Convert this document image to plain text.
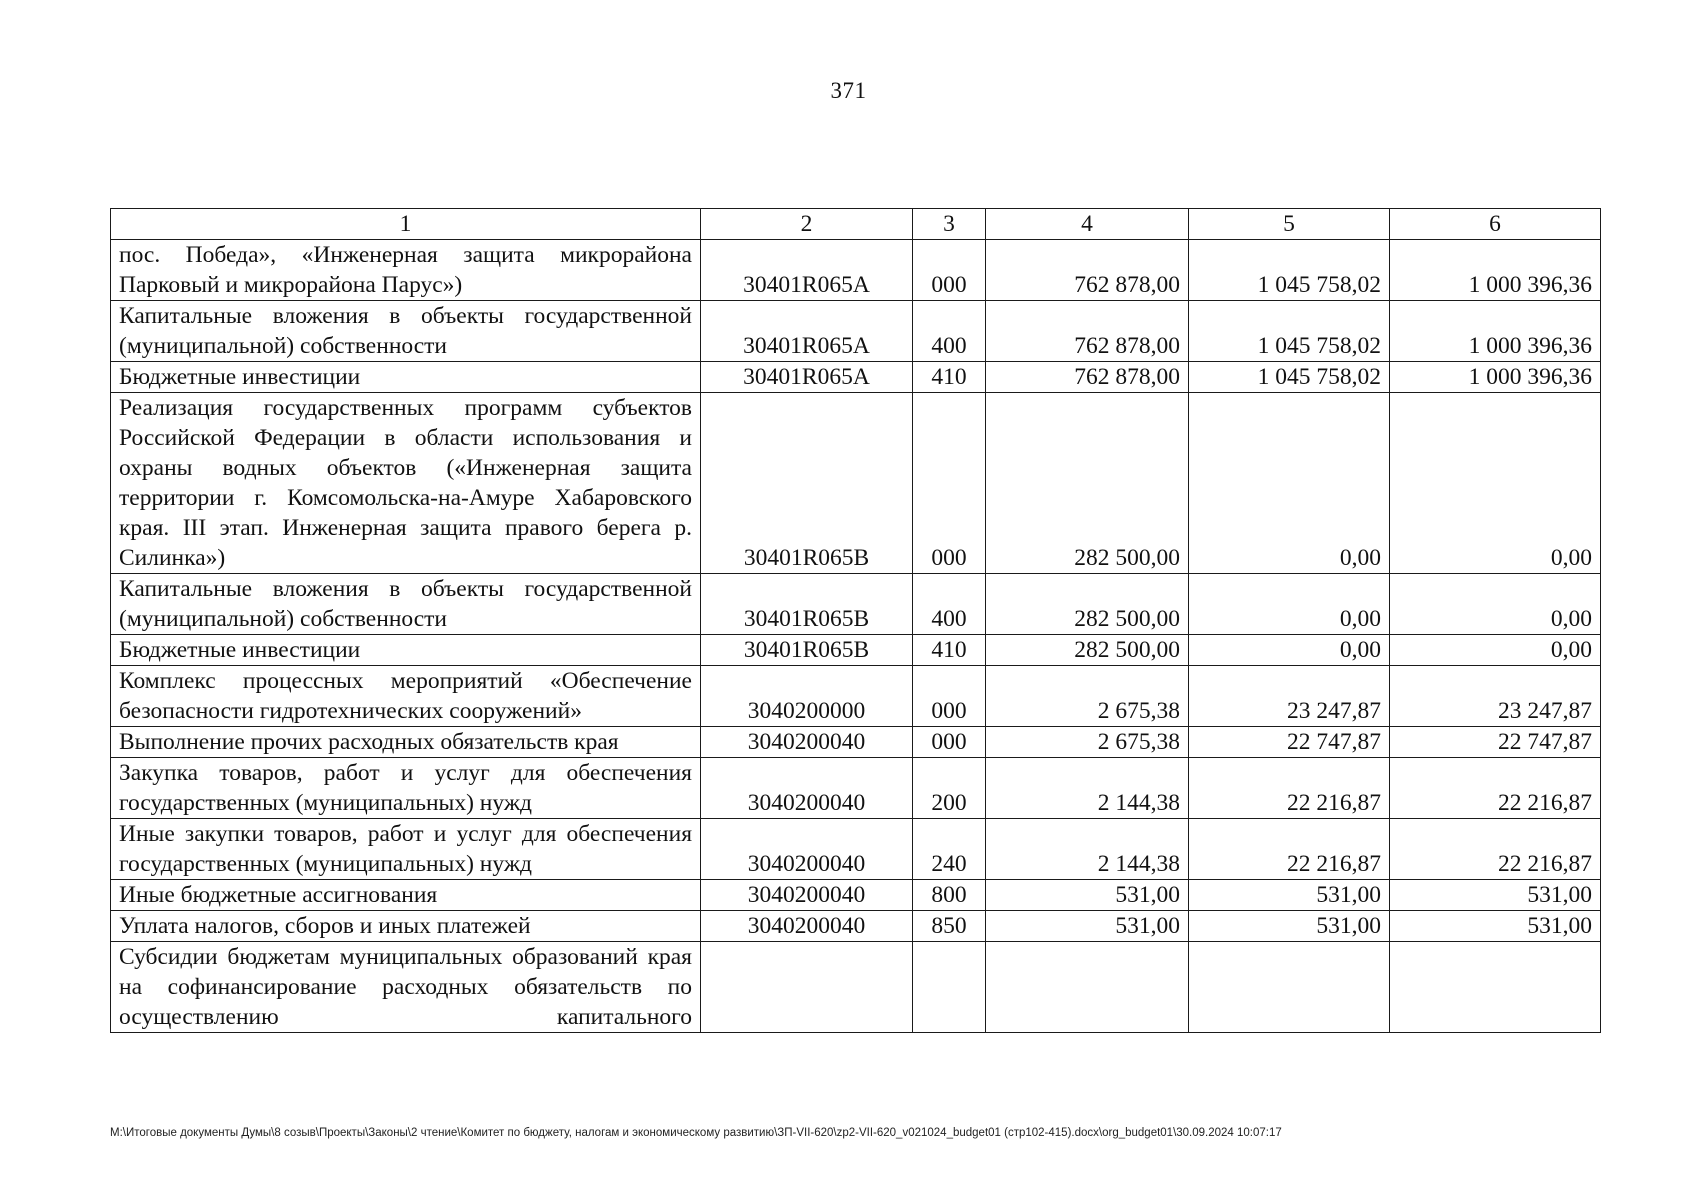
371
1	2	3	4	5	6
пос. Победа», «Инженерная защита микрорайона Парковый и микрорайона Парус»)	30401R065A	000	762 878,00	1 045 758,02	1 000 396,36
Капитальные вложения в объекты государственной (муниципальной) собственности	30401R065A	400	762 878,00	1 045 758,02	1 000 396,36
Бюджетные инвестиции	30401R065A	410	762 878,00	1 045 758,02	1 000 396,36
Реализация государственных программ субъектов Российской Федерации в области использования и охраны водных объектов («Инженерная защита территории г. Комсомольска-на-Амуре Хабаровского края. III этап. Инженерная защита правого берега р. Силинка»)	30401R065B	000	282 500,00	0,00	0,00
Капитальные вложения в объекты государственной (муниципальной) собственности	30401R065B	400	282 500,00	0,00	0,00
Бюджетные инвестиции	30401R065B	410	282 500,00	0,00	0,00
Комплекс процессных мероприятий «Обеспечение безопасности гидротехнических сооружений»	3040200000	000	2 675,38	23 247,87	23 247,87
Выполнение прочих расходных обязательств края	3040200040	000	2 675,38	22 747,87	22 747,87
Закупка товаров, работ и услуг для обеспечения государственных (муниципальных) нужд	3040200040	200	2 144,38	22 216,87	22 216,87
Иные закупки товаров, работ и услуг для обеспечения государственных (муниципальных) нужд	3040200040	240	2 144,38	22 216,87	22 216,87
Иные бюджетные ассигнования	3040200040	800	531,00	531,00	531,00
Уплата налогов, сборов и иных платежей	3040200040	850	531,00	531,00	531,00
Субсидии бюджетам муниципальных образований края на софинансирование расходных обязательств по осуществлению капитального					
М:\Итоговые документы Думы\8 созыв\Проекты\Законы\2 чтение\Комитет по бюджету, налогам и экономическому развитию\ЗП-VII-620\zp2-VII-620_v021024_budget01 (стр102-415).docx\org_budget01\30.09.2024 10:07:17
